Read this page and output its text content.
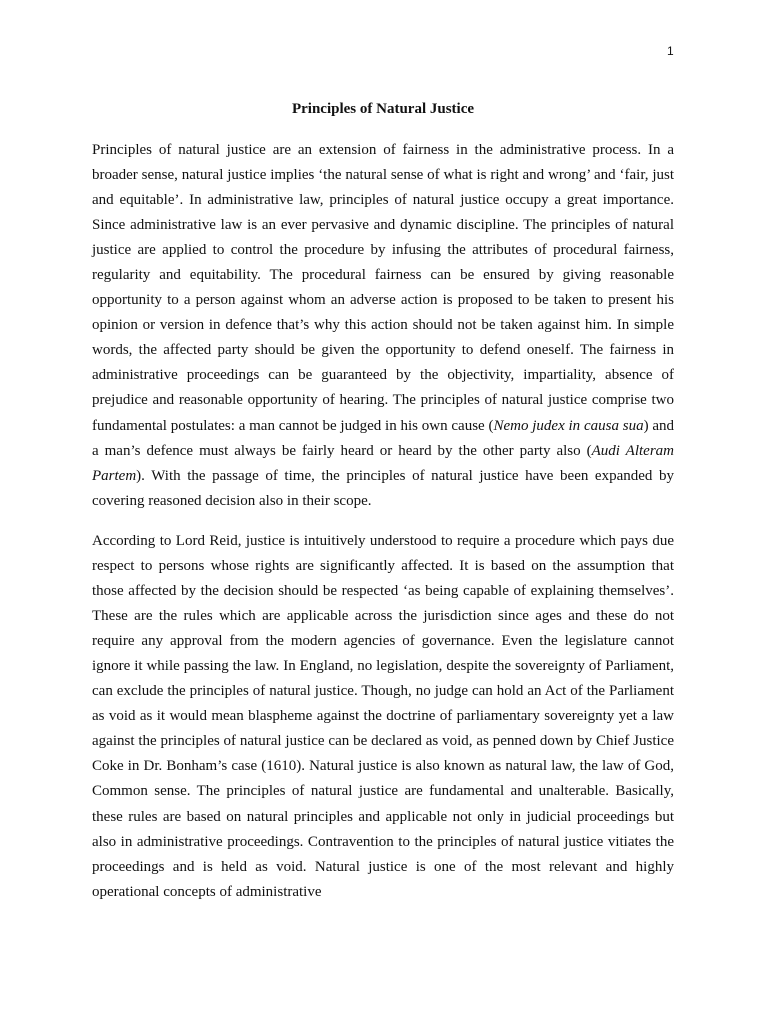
1
Principles of Natural Justice

Principles of natural justice are an extension of fairness in the administrative process. In a broader sense, natural justice implies ‘the natural sense of what is right and wrong’ and ‘fair, just and equitable’. In administrative law, principles of natural justice occupy a great importance. Since administrative law is an ever pervasive and dynamic discipline. The principles of natural justice are applied to control the procedure by infusing the attributes of procedural fairness, regularity and equitability. The procedural fairness can be ensured by giving reasonable opportunity to a person against whom an adverse action is proposed to be taken to present his opinion or version in defence that’s why this action should not be taken against him. In simple words, the affected party should be given the opportunity to defend oneself. The fairness in administrative proceedings can be guaranteed by the objectivity, impartiality, absence of prejudice and reasonable opportunity of hearing. The principles of natural justice comprise two fundamental postulates: a man cannot be judged in his own cause (Nemo judex in causa sua) and a man’s defence must always be fairly heard or heard by the other party also (Audi Alteram Partem). With the passage of time, the principles of natural justice have been expanded by covering reasoned decision also in their scope.

According to Lord Reid, justice is intuitively understood to require a procedure which pays due respect to persons whose rights are significantly affected. It is based on the assumption that those affected by the decision should be respected ‘as being capable of explaining themselves’. These are the rules which are applicable across the jurisdiction since ages and these do not require any approval from the modern agencies of governance. Even the legislature cannot ignore it while passing the law. In England, no legislation, despite the sovereignty of Parliament, can exclude the principles of natural justice. Though, no judge can hold an Act of the Parliament as void as it would mean blaspheme against the doctrine of parliamentary sovereignty yet a law against the principles of natural justice can be declared as void, as penned down by Chief Justice Coke in Dr. Bonham’s case (1610). Natural justice is also known as natural law, the law of God, Common sense. The principles of natural justice are fundamental and unalterable. Basically, these rules are based on natural principles and applicable not only in judicial proceedings but also in administrative proceedings. Contravention to the principles of natural justice vitiates the proceedings and is held as void. Natural justice is one of the most relevant and highly operational concepts of administrative
